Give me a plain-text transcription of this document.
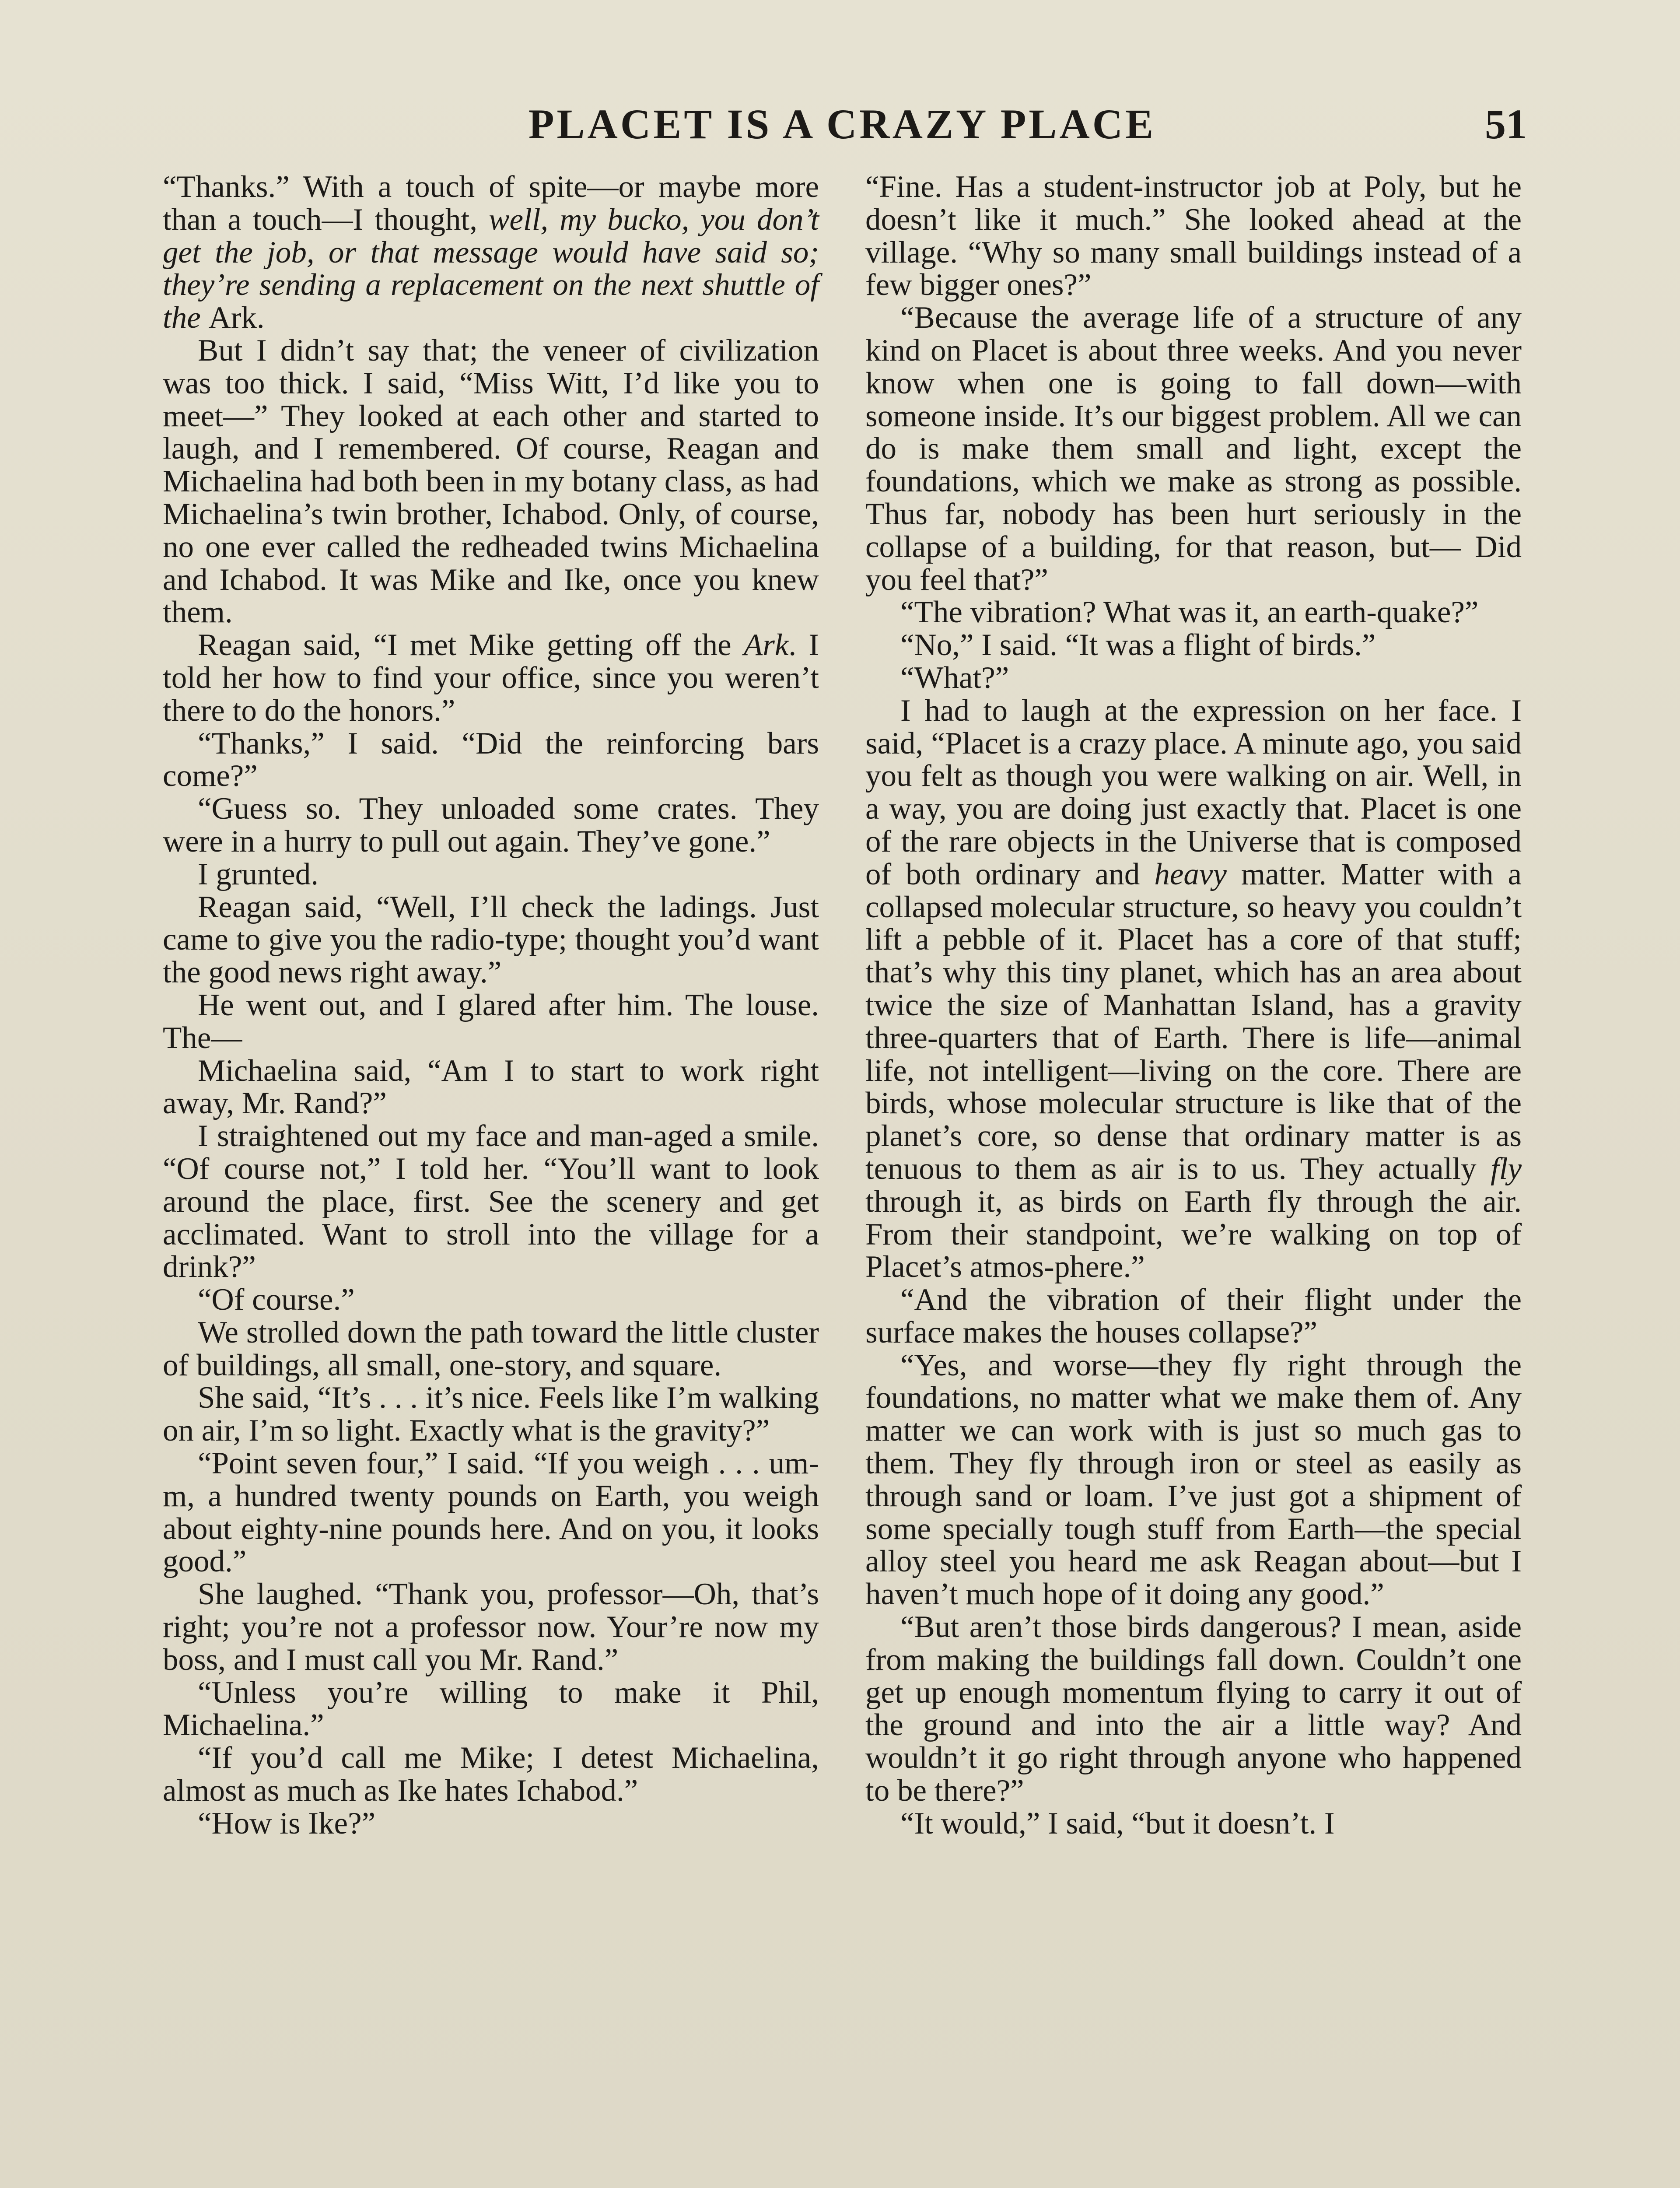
PLACET IS A CRAZY PLACE	51

“Thanks.” With a touch of spite—or maybe more than a touch—I thought, well, my bucko, you don’t get the job, or that message would have said so; they’re sending a replacement on the next shuttle of the Ark.

But I didn’t say that; the veneer of civilization was too thick. I said, “Miss Witt, I’d like you to meet—” They looked at each other and started to laugh, and I remembered. Of course, Reagan and Michaelina had both been in my botany class, as had Michaelina’s twin brother, Ichabod. Only, of course, no one ever called the redheaded twins Michaelina and Ichabod. It was Mike and Ike, once you knew them.

Reagan said, “I met Mike getting off the Ark. I told her how to find your office, since you weren’t there to do the honors.”

“Thanks,” I said. “Did the reinforcing bars come?”

“Guess so. They unloaded some crates. They were in a hurry to pull out again. They’ve gone.”

I grunted.

Reagan said, “Well, I’ll check the ladings. Just came to give you the radio-type; thought you’d want the good news right away.”

He went out, and I glared after him. The louse. The—

Michaelina said, “Am I to start to work right away, Mr. Rand?”

I straightened out my face and man-aged a smile. “Of course not,” I told her. “You’ll want to look around the place, first. See the scenery and get acclimated. Want to stroll into the village for a drink?”

“Of course.”

We strolled down the path toward the little cluster of buildings, all small, one-story, and square.

She said, “It’s . . . it’s nice. Feels like I’m walking on air, I’m so light. Exactly what is the gravity?”

“Point seven four,” I said. “If you weigh . . . um-m, a hundred twenty pounds on Earth, you weigh about eighty-nine pounds here. And on you, it looks good.”

She laughed. “Thank you, professor—Oh, that’s right; you’re not a professor now. Your’re now my boss, and I must call you Mr. Rand.”

“Unless you’re willing to make it Phil, Michaelina.”

“If you’d call me Mike; I detest Michaelina, almost as much as Ike hates Ichabod.”

“How is Ike?”

“Fine. Has a student-instructor job at Poly, but he doesn’t like it much.” She looked ahead at the village. “Why so many small buildings instead of a few bigger ones?”

“Because the average life of a structure of any kind on Placet is about three weeks. And you never know when one is going to fall down—with someone inside. It’s our biggest problem. All we can do is make them small and light, except the foundations, which we make as strong as possible. Thus far, nobody has been hurt seriously in the collapse of a building, for that reason, but— Did you feel that?”

“The vibration? What was it, an earth-quake?”

“No,” I said. “It was a flight of birds.”

“What?”

I had to laugh at the expression on her face. I said, “Placet is a crazy place. A minute ago, you said you felt as though you were walking on air. Well, in a way, you are doing just exactly that. Placet is one of the rare objects in the Universe that is composed of both ordinary and heavy matter. Matter with a collapsed molecular structure, so heavy you couldn’t lift a pebble of it. Placet has a core of that stuff; that’s why this tiny planet, which has an area about twice the size of Manhattan Island, has a gravity three-quarters that of Earth. There is life—animal life, not intelligent—living on the core. There are birds, whose molecular structure is like that of the planet’s core, so dense that ordinary matter is as tenuous to them as air is to us. They actually fly through it, as birds on Earth fly through the air. From their standpoint, we’re walking on top of Placet’s atmos-phere.”

“And the vibration of their flight under the surface makes the houses collapse?”

“Yes, and worse—they fly right through the foundations, no matter what we make them of. Any matter we can work with is just so much gas to them. They fly through iron or steel as easily as through sand or loam. I’ve just got a shipment of some specially tough stuff from Earth—the special alloy steel you heard me ask Reagan about—but I haven’t much hope of it doing any good.”

“But aren’t those birds dangerous? I mean, aside from making the buildings fall down. Couldn’t one get up enough momentum flying to carry it out of the ground and into the air a little way? And wouldn’t it go right through anyone who happened to be there?”

“It would,” I said, “but it doesn’t. I
